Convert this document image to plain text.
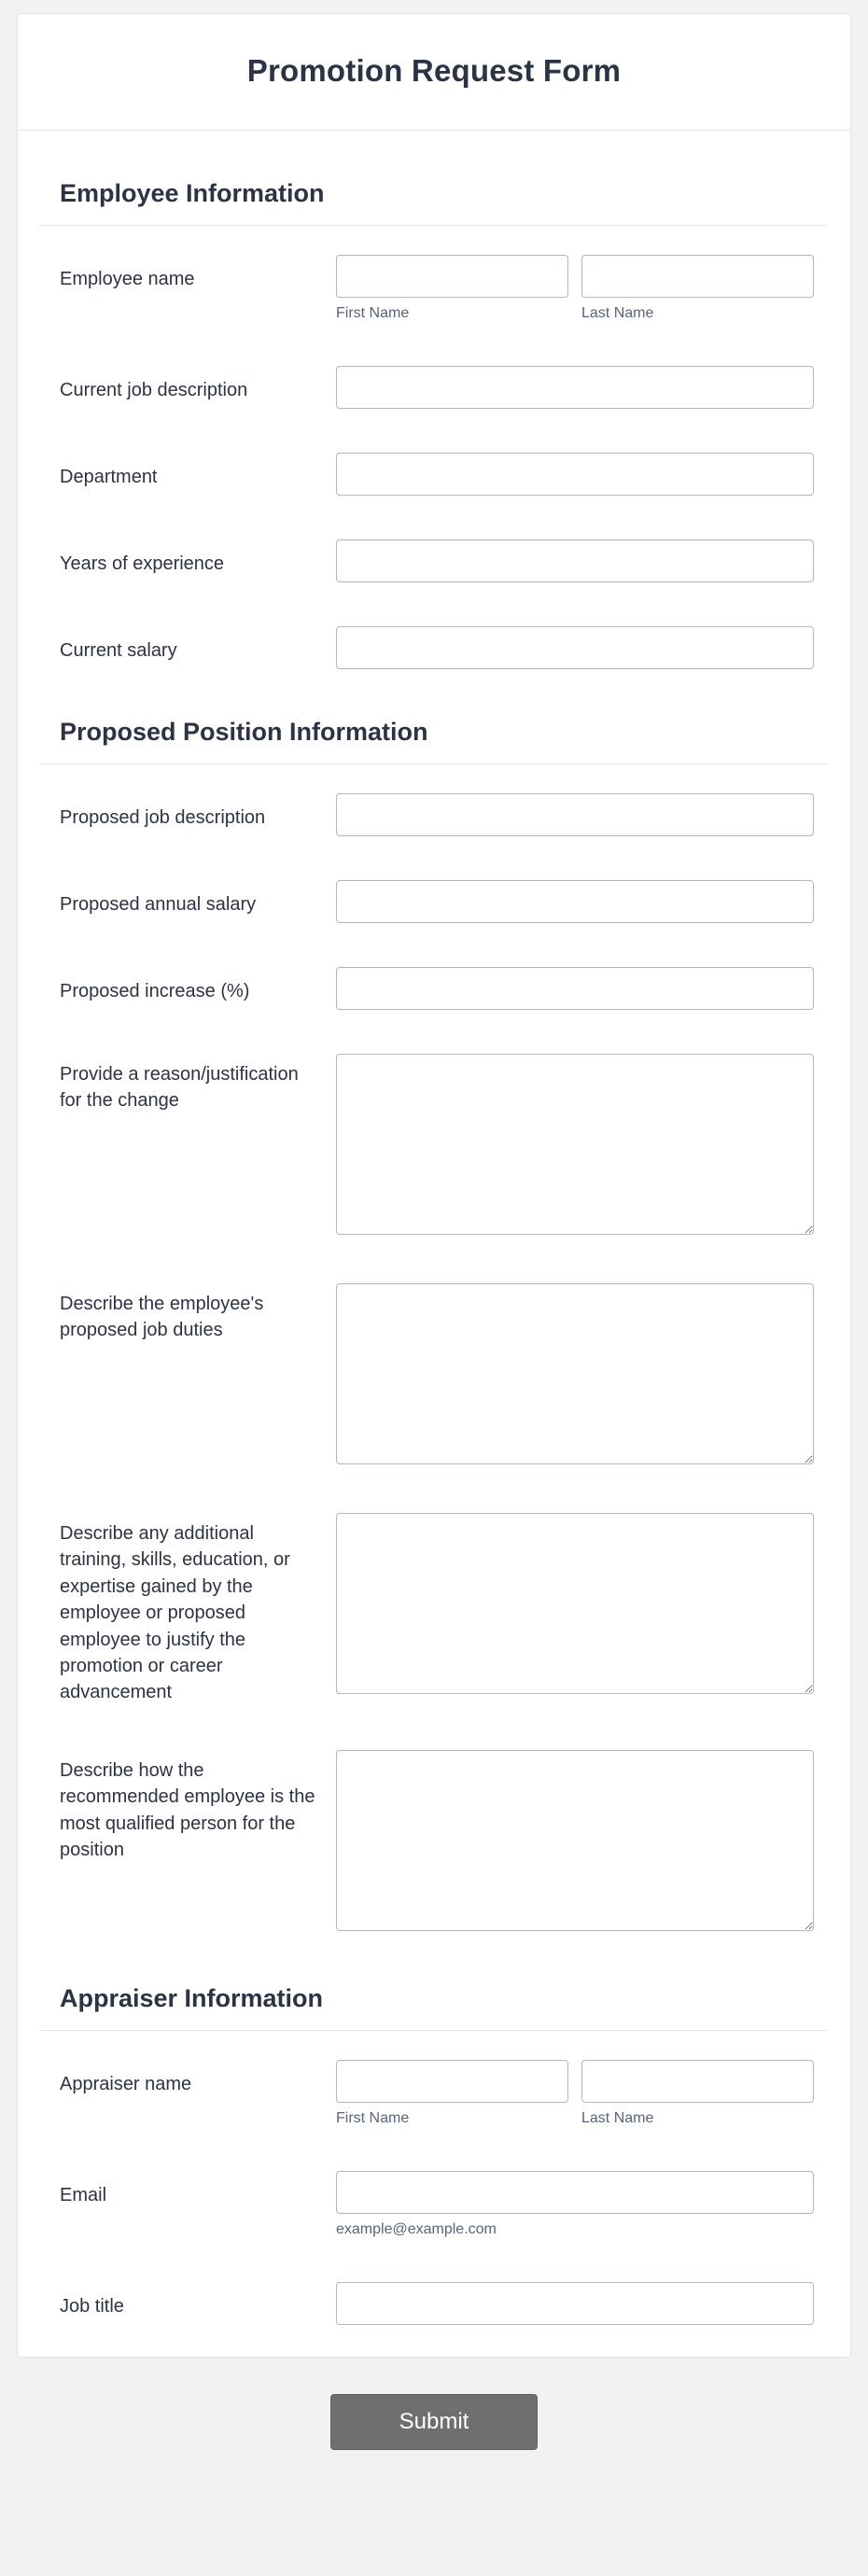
Promotion Request Form
Employee Information
Employee name
First Name	Last Name
Current job description
Department
Years of experience
Current salary
Proposed Position Information
Proposed job description
Proposed annual salary
Proposed increase (%)
Provide a reason/justification for the change
Describe the employee's proposed job duties
Describe any additional training, skills, education, or expertise gained by the employee or proposed employee to justify the promotion or career advancement
Describe how the recommended employee is the most qualified person for the position
Appraiser Information
Appraiser name
First Name	Last Name
Email
example@example.com
Job title
Submit
